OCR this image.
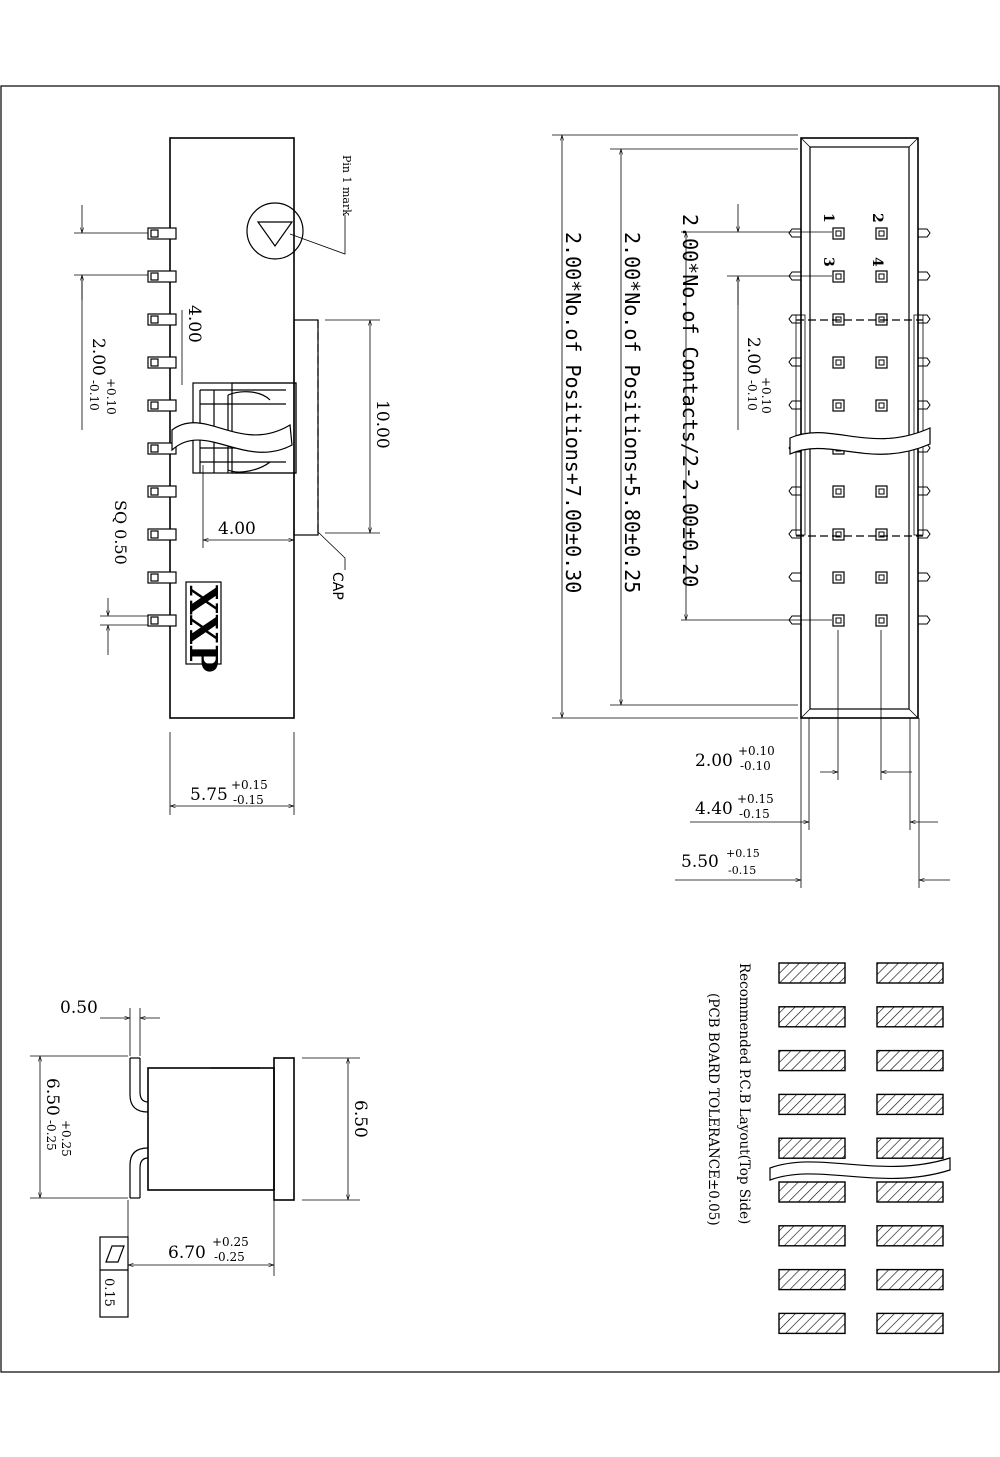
Pin 1 mark
2.00
+0.10
-0.10
4.00
10.00
4.00
CAP
SQ 0.50
XXP
5.75 +0.15
-0.15
1 2
3 4
2.00*No.of Positions+7.00±0.30 2.00*No.of Positions+5.80±0.25 2.00*No.of Contacts/2-2.00±0.20 2.00
+0.10
-0.10
2.00 +0.10
-0.10
4.40 +0.15
-0.15
5.50 +0.15
-0.15
0.50
6.50
+0.25
-0.25	6.50
6.70
+0.25
-0.25
0.15
Recommended P.C.B Layout(Top Side)
(PCB BOARD TOLERANCE±0.05)
